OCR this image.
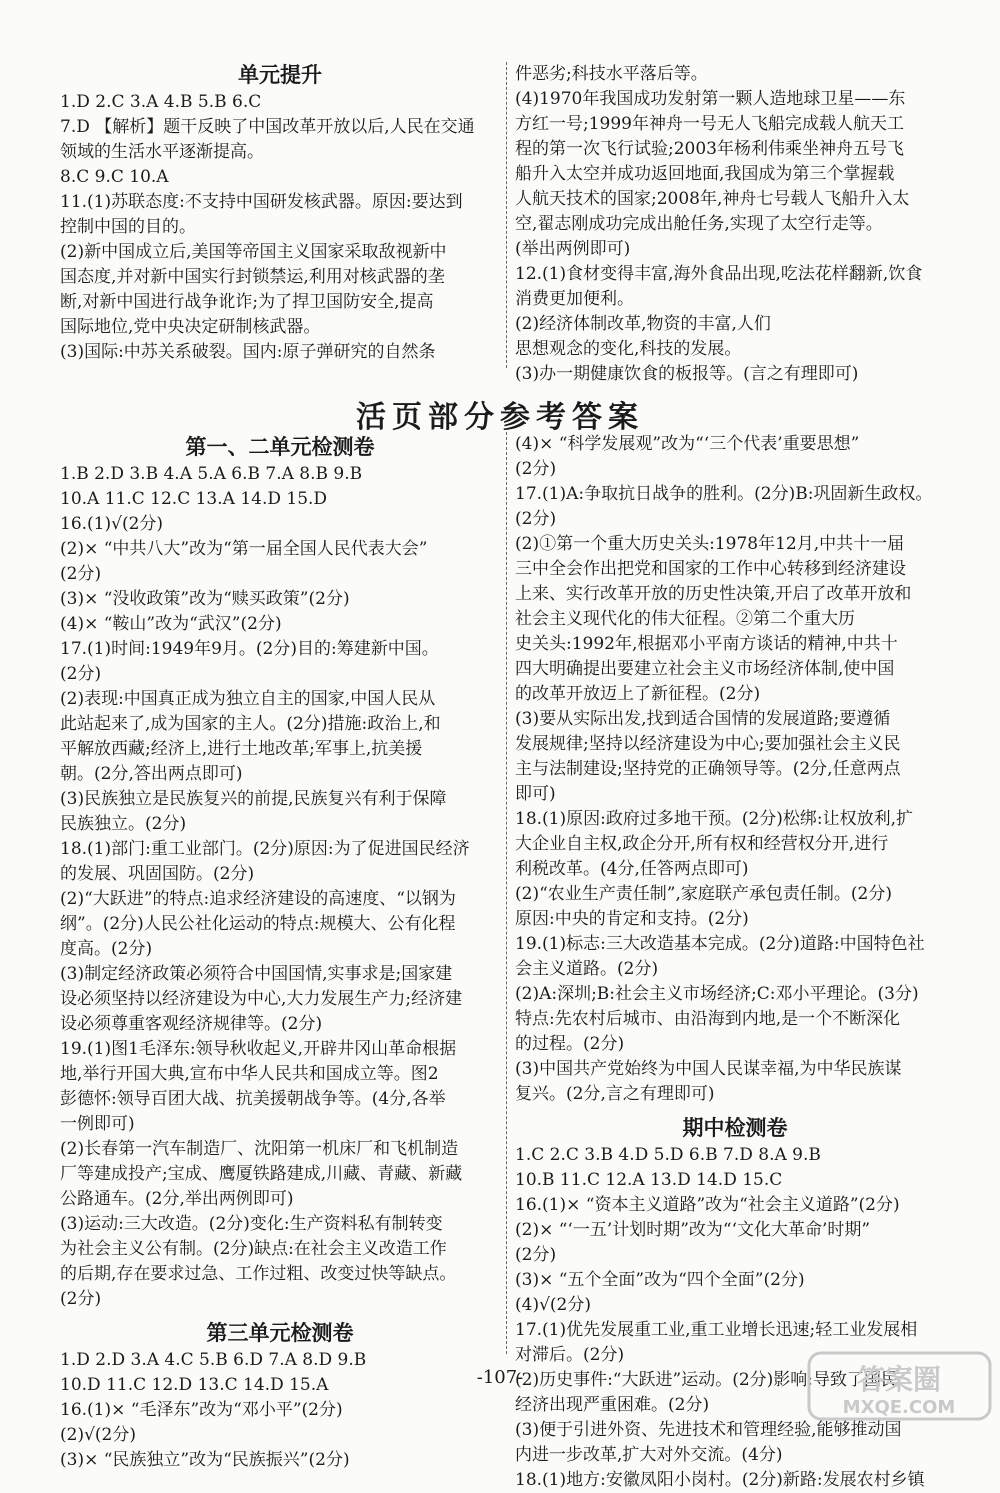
单元提升

1.D 2.C 3.A 4.B 5.B 6.C

7.D 【解析】题干反映了中国改革开放以后,人民在交通

领域的生活水平逐渐提高。

8.C 9.C 10.A

11.(1)苏联态度:不支持中国研发核武器。原因:要达到

控制中国的目的。

(2)新中国成立后,美国等帝国主义国家采取敌视新中

国态度,并对新中国实行封锁禁运,利用对核武器的垄

断,对新中国进行战争讹诈;为了捍卫国防安全,提高

国际地位,党中央决定研制核武器。

(3)国际:中苏关系破裂。国内:原子弹研究的自然条

件恶劣;科技水平落后等。

(4)1970年我国成功发射第一颗人造地球卫星——东

方红一号;1999年神舟一号无人飞船完成载人航天工

程的第一次飞行试验;2003年杨利伟乘坐神舟五号飞

船升入太空并成功返回地面,我国成为第三个掌握载

人航天技术的国家;2008年,神舟七号载人飞船升入太

空,翟志刚成功完成出舱任务,实现了太空行走等。

(举出两例即可)

12.(1)食材变得丰富,海外食品出现,吃法花样翻新,饮食

消费更加便利。

(2)经济体制改革,物资的丰富,人们

思想观念的变化,科技的发展。

(3)办一期健康饮食的板报等。(言之有理即可)

活页部分参考答案
第一、二单元检测卷

1.B 2.D 3.B 4.A 5.A 6.B 7.A 8.B 9.B

10.A 11.C 12.C 13.A 14.D 15.D

16.(1)√(2分)

(2)× “中共八大”改为“第一届全国人民代表大会”

(2分)

(3)× “没收政策”改为“赎买政策”(2分)

(4)× “鞍山”改为“武汉”(2分)

17.(1)时间:1949年9月。(2分)目的:筹建新中国。

(2分)

(2)表现:中国真正成为独立自主的国家,中国人民从

此站起来了,成为国家的主人。(2分)措施:政治上,和

平解放西藏;经济上,进行土地改革;军事上,抗美援

朝。(2分,答出两点即可)

(3)民族独立是民族复兴的前提,民族复兴有利于保障

民族独立。(2分)

18.(1)部门:重工业部门。(2分)原因:为了促进国民经济

的发展、巩固国防。(2分)

(2)“大跃进”的特点:追求经济建设的高速度、“以钢为

纲”。(2分)人民公社化运动的特点:规模大、公有化程

度高。(2分)

(3)制定经济政策必须符合中国国情,实事求是;国家建

设必须坚持以经济建设为中心,大力发展生产力;经济建

设必须尊重客观经济规律等。(2分)

19.(1)图1毛泽东:领导秋收起义,开辟井冈山革命根据

地,举行开国大典,宣布中华人民共和国成立等。图2

彭德怀:领导百团大战、抗美援朝战争等。(4分,各举

一例即可)

(2)长春第一汽车制造厂、沈阳第一机床厂和飞机制造

厂等建成投产;宝成、鹰厦铁路建成,川藏、青藏、新藏

公路通车。(2分,举出两例即可)

(3)运动:三大改造。(2分)变化:生产资料私有制转变

为社会主义公有制。(2分)缺点:在社会主义改造工作

的后期,存在要求过急、工作过粗、改变过快等缺点。

(2分)

第三单元检测卷

1.D 2.D 3.A 4.C 5.B 6.D 7.A 8.D 9.B

10.D 11.C 12.D 13.C 14.D 15.A

16.(1)× “毛泽东”改为“邓小平”(2分)

(2)√(2分)

(3)× “民族独立”改为“民族振兴”(2分)

(4)× “科学发展观”改为“‘三个代表’重要思想”

(2分)

17.(1)A:争取抗日战争的胜利。(2分)B:巩固新生政权。

(2分)

(2)①第一个重大历史关头:1978年12月,中共十一届

三中全会作出把党和国家的工作中心转移到经济建设

上来、实行改革开放的历史性决策,开启了改革开放和

社会主义现代化的伟大征程。②第二个重大历

史关头:1992年,根据邓小平南方谈话的精神,中共十

四大明确提出要建立社会主义市场经济体制,使中国

的改革开放迈上了新征程。(2分)

(3)要从实际出发,找到适合国情的发展道路;要遵循

发展规律;坚持以经济建设为中心;要加强社会主义民

主与法制建设;坚持党的正确领导等。(2分,任意两点

即可)

18.(1)原因:政府过多地干预。(2分)松绑:让权放利,扩

大企业自主权,政企分开,所有权和经营权分开,进行

利税改革。(4分,任答两点即可)

(2)“农业生产责任制”,家庭联产承包责任制。(2分)

原因:中央的肯定和支持。(2分)

19.(1)标志:三大改造基本完成。(2分)道路:中国特色社

会主义道路。(2分)

(2)A:深圳;B:社会主义市场经济;C:邓小平理论。(3分)

特点:先农村后城市、由沿海到内地,是一个不断深化

的过程。(2分)

(3)中国共产党始终为中国人民谋幸福,为中华民族谋

复兴。(2分,言之有理即可)

期中检测卷

1.C 2.C 3.B 4.D 5.D 6.B 7.D 8.A 9.B

10.B 11.C 12.A 13.D 14.D 15.C

16.(1)× “资本主义道路”改为“社会主义道路”(2分)

(2)× “‘一五’计划时期”改为“‘文化大革命’时期”

(2分)

(3)× “五个全面”改为“四个全面”(2分)

(4)√(2分)

17.(1)优先发展重工业,重工业增长迅速;轻工业发展相

对滞后。(2分)

(2)历史事件:“大跃进”运动。(2分)影响:导致了国民

经济出现严重困难。(2分)

(3)便于引进外资、先进技术和管理经验,能够推动国

内进一步改革,扩大对外交流。(4分)

18.(1)地方:安徽凤阳小岗村。(2分)新路:发展农村乡镇

-107-	答案圈
MXQE.COM
